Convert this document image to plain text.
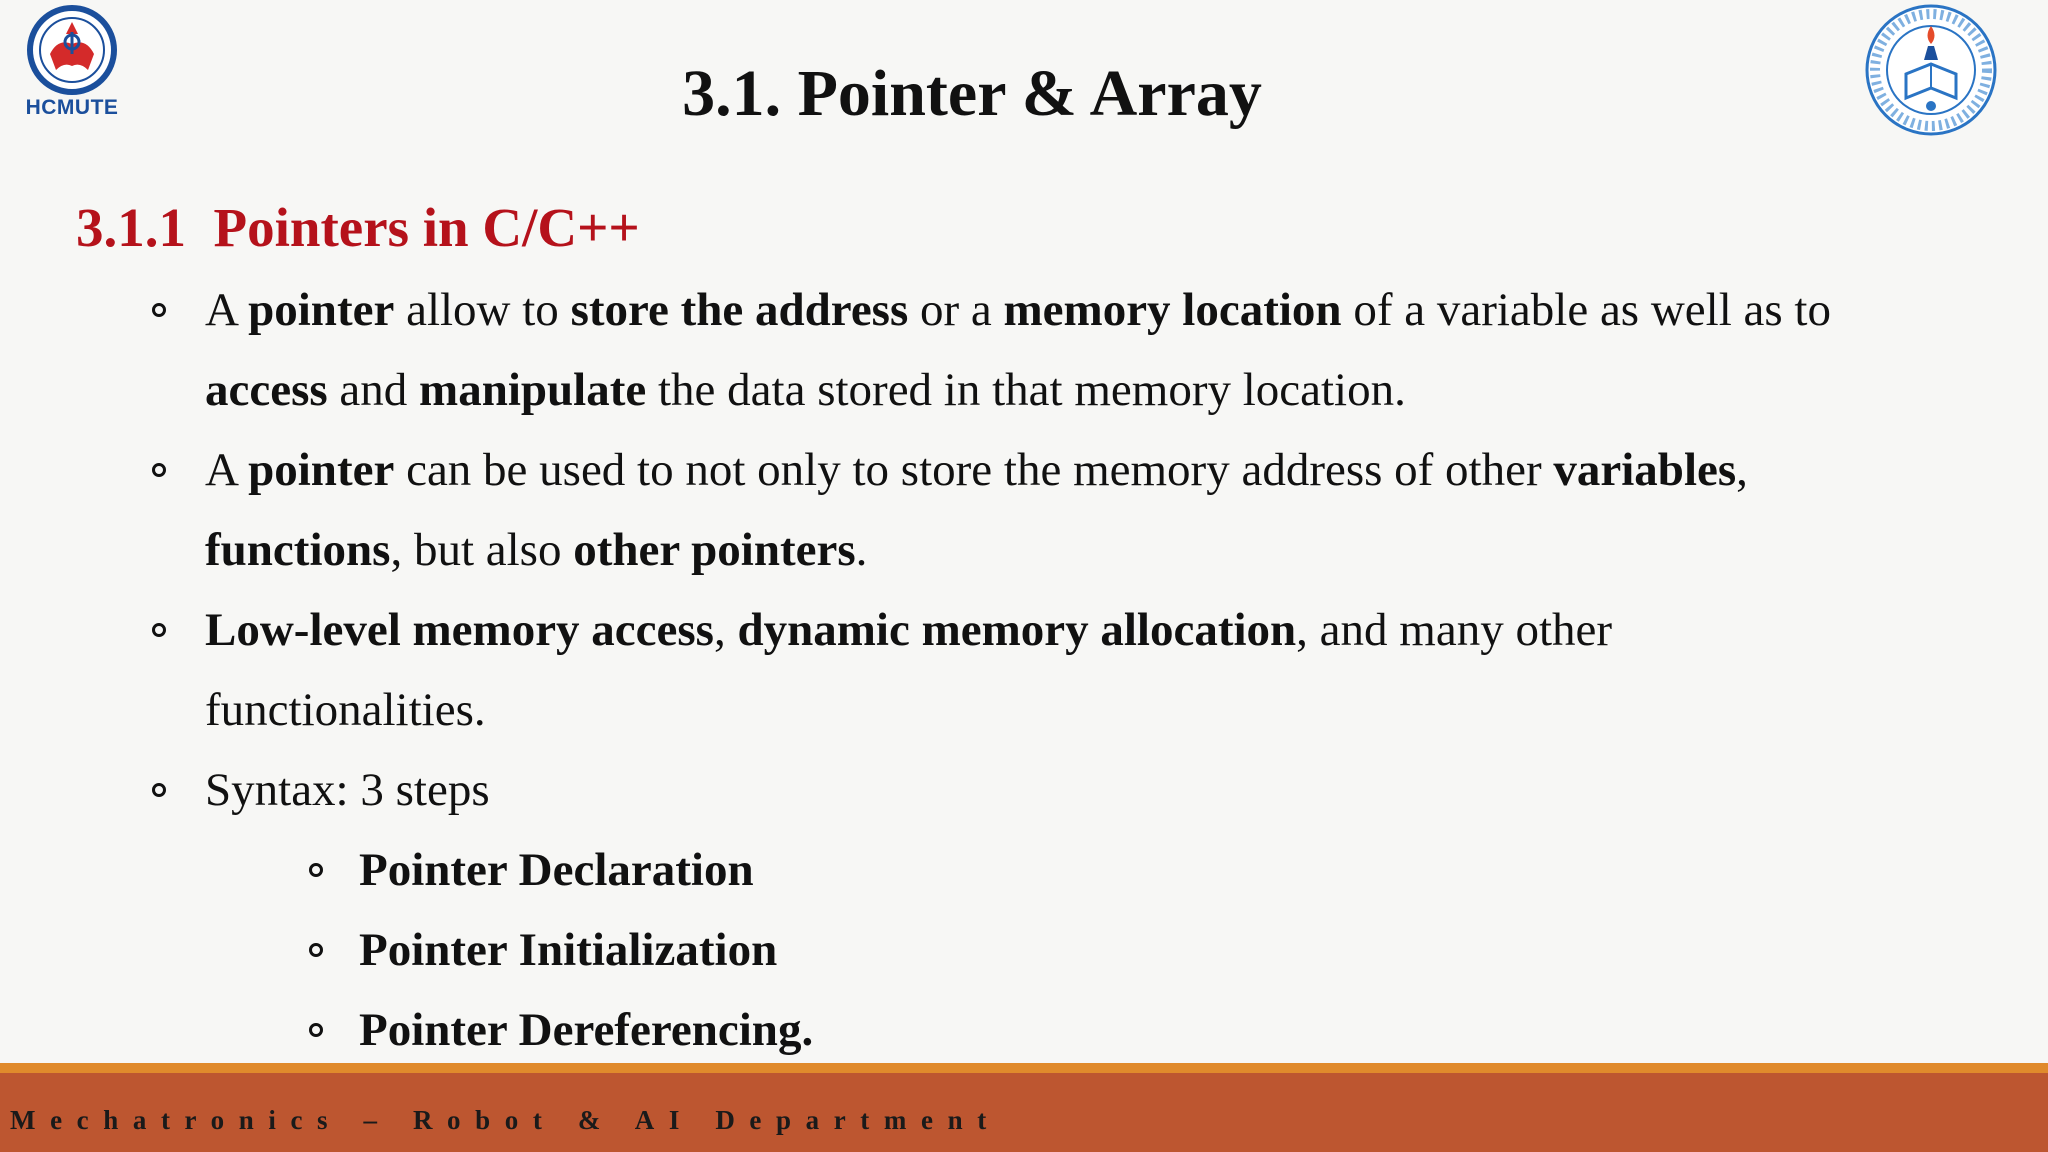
HCMUTE	3.1. Pointer & Array
3.1.1 Pointers in C/C++
A pointer allow to store the address or a memory location of a variable as well as to
access and manipulate the data stored in that memory location.
A pointer can be used to not only to store the memory address of other variables,
functions, but also other pointers.
Low-level memory access, dynamic memory allocation, and many other
functionalities.
Syntax: 3 steps
Pointer Declaration
Pointer Initialization
Pointer Dereferencing.
Mechatronics – Robot & AI Department
